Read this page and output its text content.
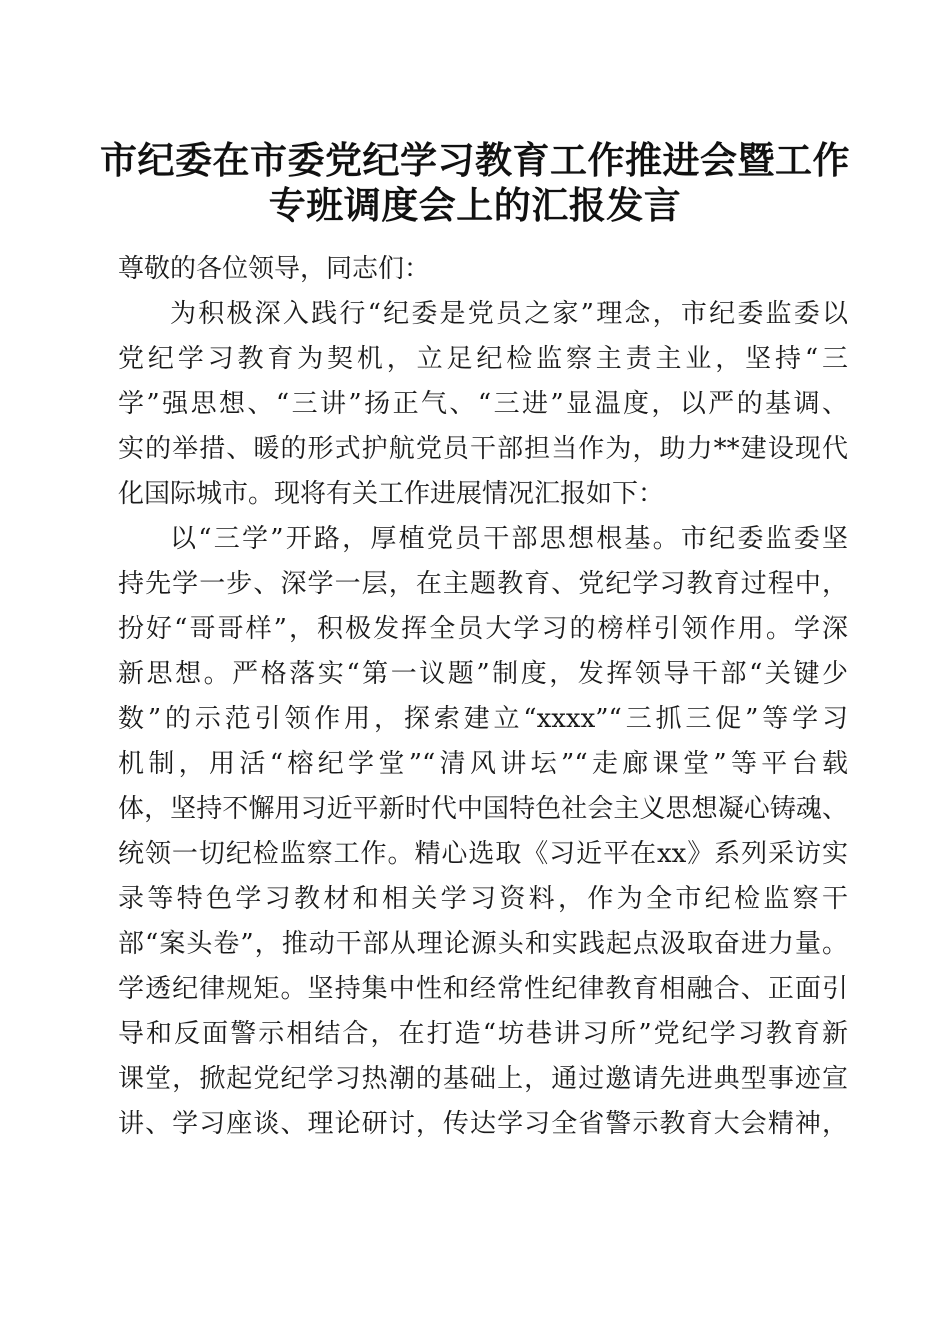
市纪委在市委党纪学习教育工作推进会暨工作
专班调度会上的汇报发言
尊敬的各位领导，同志们：
为积极深入践行“纪委是党员之家”理念，市纪委监委以
党纪学习教育为契机，立足纪检监察主责主业，坚持“三
学”强思想、“三讲”扬正气、“三进”显温度，以严的基调、
实的举措、暖的形式护航党员干部担当作为，助力**建设现代
化国际城市。现将有关工作进展情况汇报如下：
以“三学”开路，厚植党员干部思想根基。市纪委监委坚
持先学一步、深学一层，在主题教育、党纪学习教育过程中，
扮好“哥哥样”，积极发挥全员大学习的榜样引领作用。学深
新思想。严格落实“第一议题”制度，发挥领导干部“关键少
数”的示范引领作用，探索建立“xxxx”“三抓三促”等学习
机制，用活“榕纪学堂”“清风讲坛”“走廊课堂”等平台载
体，坚持不懈用习近平新时代中国特色社会主义思想凝心铸魂、
统领一切纪检监察工作。精心选取《习近平在xx》系列采访实
录等特色学习教材和相关学习资料，作为全市纪检监察干
部“案头卷”，推动干部从理论源头和实践起点汲取奋进力量。
学透纪律规矩。坚持集中性和经常性纪律教育相融合、正面引
导和反面警示相结合，在打造“坊巷讲习所”党纪学习教育新
课堂，掀起党纪学习热潮的基础上，通过邀请先进典型事迹宣
讲、学习座谈、理论研讨，传达学习全省警示教育大会精神，
